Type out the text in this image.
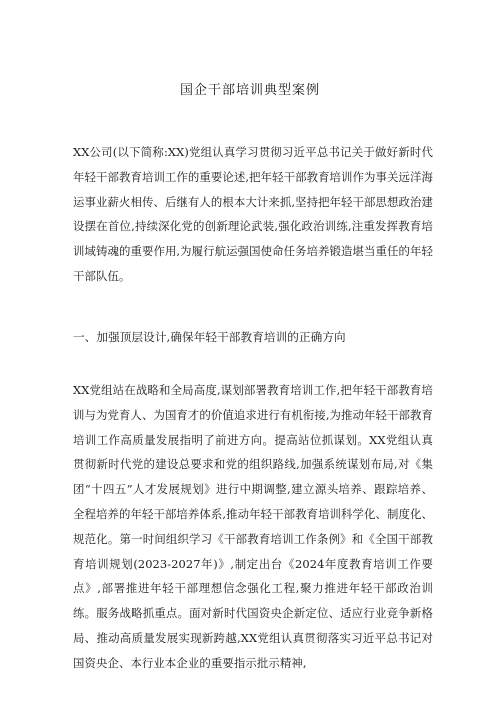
国企干部培训典型案例
XX公司(以下简称:XX)党组认真学习贯彻习近平总书记关于做好新时代年轻干部教育培训工作的重要论述,把年轻干部教育培训作为事关远洋海运事业薪火相传、后继有人的根本大计来抓,坚持把年轻干部思想政治建设摆在首位,持续深化党的创新理论武装,强化政治训练,注重发挥教育培训域铸魂的重要作用,为履行航运强国使命任务培养锻造堪当重任的年轻干部队伍。
一、加强顶层设计,确保年轻干部教育培训的正确方向
XX党组站在战略和全局高度,谋划部署教育培训工作,把年轻干部教育培训与为党育人、为国育才的价值追求进行有机衔接,为推动年轻干部教育培训工作高质量发展指明了前进方向。提高站位抓谋划。XX党组认真贯彻新时代党的建设总要求和党的组织路线,加强系统谋划布局,对《集团“十四五”人才发展规划》进行中期调整,建立源头培养、跟踪培养、全程培养的年轻干部培养体系,推动年轻干部教育培训科学化、制度化、规范化。第一时间组织学习《干部教育培训工作条例》和《全国干部教育培训规划(2023-2027年)》,制定出台《2024年度教育培训工作要点》,部署推进年轻干部理想信念强化工程,聚力推进年轻干部政治训练。服务战略抓重点。面对新时代国资央企新定位、适应行业竞争新格局、推动高质量发展实现新跨越,XX党组认真贯彻落实习近平总书记对国资央企、本行业本企业的重要指示批示精神,
